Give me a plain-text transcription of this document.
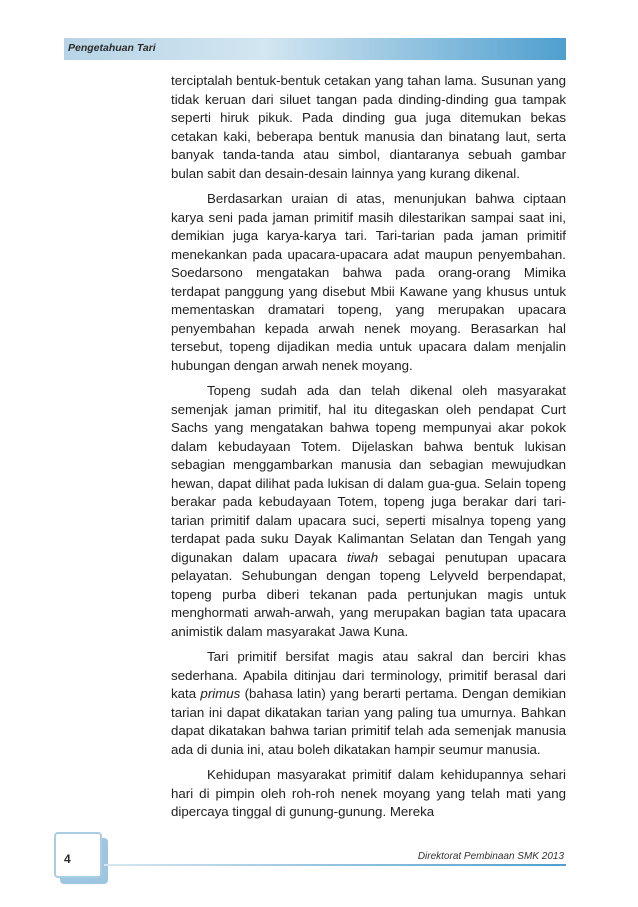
Pengetahuan Tari

terciptalah bentuk-bentuk cetakan yang tahan lama. Susunan yang tidak keruan dari siluet tangan pada dinding-dinding gua tampak seperti hiruk pikuk. Pada dinding gua juga ditemukan bekas cetakan kaki, beberapa bentuk manusia dan binatang laut, serta banyak tanda-tanda atau simbol, diantaranya sebuah gambar bulan sabit dan desain-desain lainnya yang kurang dikenal.

Berdasarkan uraian di atas, menunjukan bahwa ciptaan karya seni pada jaman primitif masih dilestarikan sampai saat ini, demikian juga karya-karya tari. Tari-tarian pada jaman primitif menekankan pada upacara-upacara adat maupun penyembahan. Soedarsono mengatakan bahwa pada orang-orang Mimika terdapat panggung yang disebut Mbii Kawane yang khusus untuk mementaskan dramatari topeng, yang merupakan upacara penyembahan kepada arwah nenek moyang. Berasarkan hal tersebut, topeng dijadikan media untuk upacara dalam menjalin hubungan dengan arwah nenek moyang.

Topeng sudah ada dan telah dikenal oleh masyarakat semenjak jaman primitif, hal itu ditegaskan oleh pendapat Curt Sachs yang mengatakan bahwa topeng mempunyai akar pokok dalam kebudayaan Totem. Dijelaskan bahwa bentuk lukisan sebagian menggambarkan manusia dan sebagian mewujudkan hewan, dapat dilihat pada lukisan di dalam gua-gua. Selain topeng berakar pada kebudayaan Totem, topeng juga berakar dari tari-tarian primitif dalam upacara suci, seperti misalnya topeng yang terdapat pada suku Dayak Kalimantan Selatan dan Tengah yang digunakan dalam upacara tiwah sebagai penutupan upacara pelayatan. Sehubungan dengan topeng Lelyveld berpendapat, topeng purba diberi tekanan pada pertunjukan magis untuk menghormati arwah-arwah, yang merupakan bagian tata upacara animistik dalam masyarakat Jawa Kuna.

Tari primitif bersifat magis atau sakral dan berciri khas sederhana. Apabila ditinjau dari terminology, primitif berasal dari kata primus (bahasa latin) yang berarti pertama. Dengan demikian tarian ini dapat dikatakan tarian yang paling tua umurnya. Bahkan dapat dikatakan bahwa tarian primitif telah ada semenjak manusia ada di dunia ini, atau boleh dikatakan hampir seumur manusia.

Kehidupan masyarakat primitif dalam kehidupannya sehari hari di pimpin oleh roh-roh nenek moyang yang telah mati yang dipercaya tinggal di gunung-gunung. Mereka

4	Direktorat Pembinaan SMK 2013
